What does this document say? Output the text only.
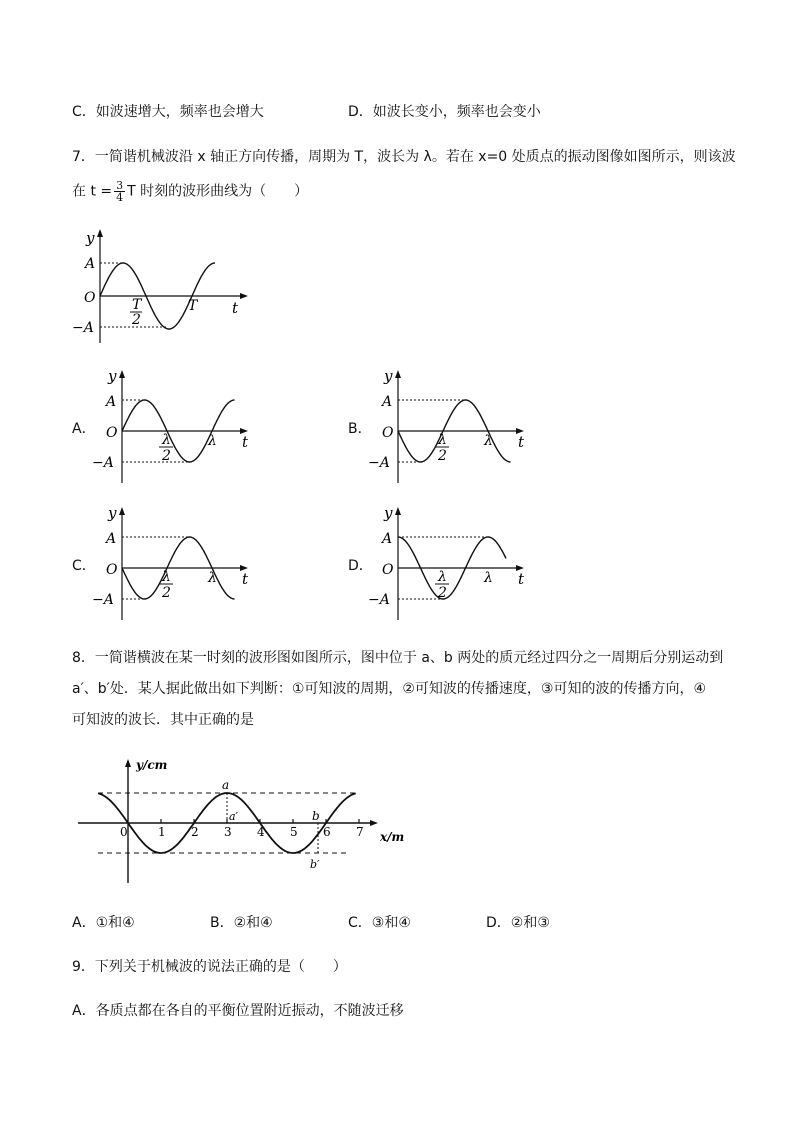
C．如波速增大，频率也会增大	D．如波长变小，频率也会变小
7．一简谐机械波沿 x 轴正方向传播，周期为 T，波长为 λ。若在 x=0 处质点的振动图像如图所示，则该波
在 $t = \frac{3}{4}$ T 时刻的波形曲线为（　　）
y
t
O
A
−A
T
2
T
A．
y
t
O
A
−A
λ
2
λ
B．
y
t
O
A
−A
λ
2
λ
C．
y
t
O
A
−A
λ
2
λ
D．
y
t
O
A
−A
λ
2
λ
8．一简谐横波在某一时刻的波形图如图所示，图中位于 a、b 两处的质元经过四分之一周期后分别运动到
a′、b′处．某人据此做出如下判断：①可知波的周期，②可知波的传播速度，③可知的波的传播方向，④
可知波的波长．其中正确的是
1 2 3 4 5 6 7
y/cm
x/m
0
a
a′	b
b′
A．①和④	B．②和④	C．③和④	D．②和③
9．下列关于机械波的说法正确的是（　　）
A．各质点都在各自的平衡位置附近振动，不随波迁移
